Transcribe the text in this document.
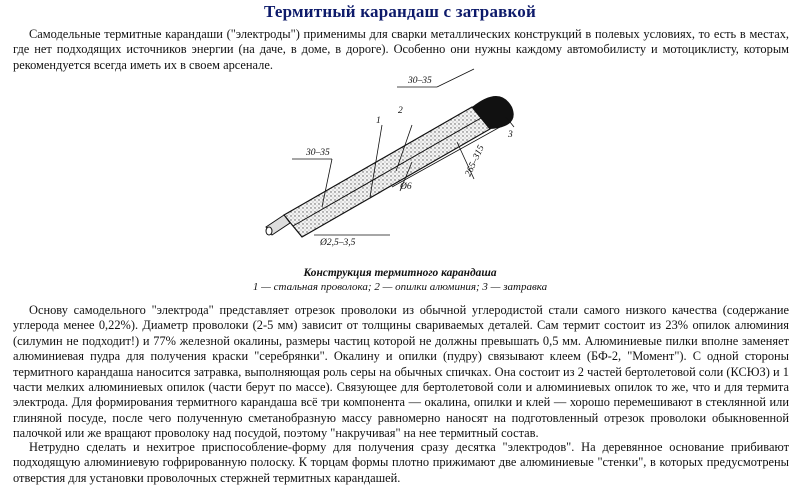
Термитный карандаш с затравкой

Самодельные термитные карандаши ("электроды") применимы для сварки металлических конструкций в полевых условиях, то есть в местах, где нет подходящих источников энергии (на даче, в доме, в дороге). Особенно они нужны каждому автомобилисту и мотоциклисту, которым рекомендуется всегда иметь их в своем арсенале.

30–35
30–35
1
2
3
Ø6
Ø2,5–3,5
265–315
Конструкция термитного карандаша
1 — стальная проволока; 2 — опилки алюминия; 3 — затравка

Основу самодельного "электрода" представляет отрезок проволоки из обычной углеродистой стали самого низкого качества (содержание углерода менее 0,22%). Диаметр проволоки (2-5 мм) зависит от толщины свариваемых деталей. Сам термит состоит из 23% опилок алюминия (силумин не подходит!) и 77% железной окалины, размеры частиц которой не должны превышать 0,5 мм. Алюминиевые пилки вполне заменяет алюминиевая пудра для получения краски "серебрянки". Окалину и опилки (пудру) связывают клеем (БФ-2, "Момент"). С одной стороны термитного карандаша наносится затравка, выполняющая роль серы на обычных спичках. Она состоит из 2 частей бертолетовой соли (КСЮЗ) и 1 части мелких алюминиевых опилок (части берут по массе). Связующее для бертолетовой соли и алюминиевых опилок то же, что и для термита электрода. Для формирования термитного карандаша всё три компонента — окалина, опилки и клей — хорошо перемешивают в стеклянной или глиняной посуде, после чего полученную сметанобразную массу равномерно наносят на подготовленный отрезок проволоки обыкновенной палочкой или же вращают проволоку над посудой, поэтому "накручивая" на нее термитный состав.

Нетрудно сделать и нехитрое приспособление-форму для получения сразу десятка "электродов". На деревянное основание прибивают подходящую алюминиевую гофрированную полоску. К торцам формы плотно прижимают две алюминиевые "стенки", в которых предусмотрены отверстия для установки проволочных стержней термитных карандашей.
